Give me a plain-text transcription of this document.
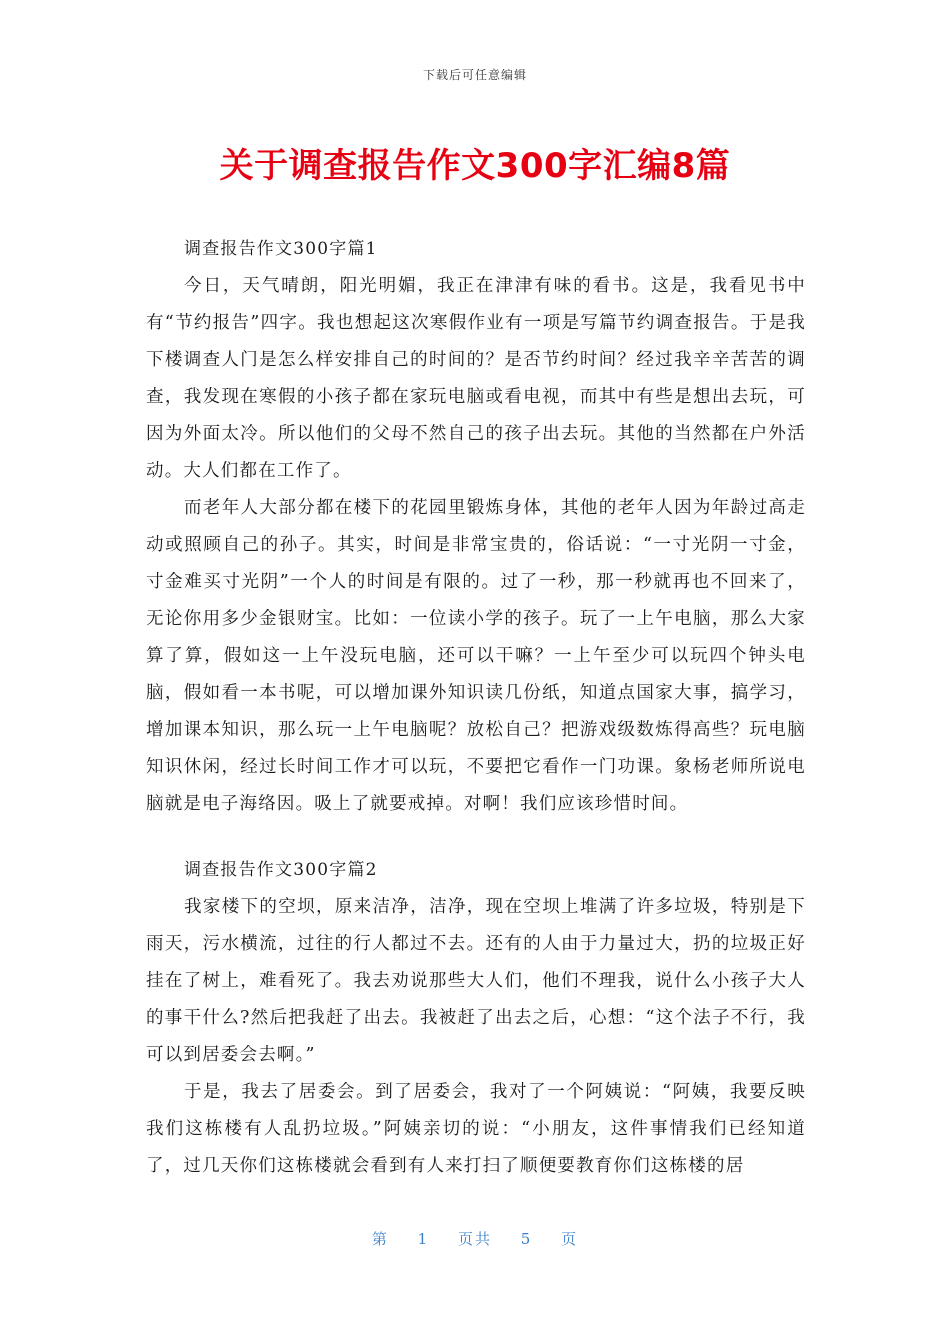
下载后可任意编辑
关于调查报告作文300字汇编8篇

调查报告作文300字篇1

今日，天气晴朗，阳光明媚，我正在津津有味的看书。这是，我看见书中有“节约报告”四字。我也想起这次寒假作业有一项是写篇节约调查报告。于是我下楼调查人门是怎么样安排自己的时间的？是否节约时间？经过我辛辛苦苦的调查，我发现在寒假的小孩子都在家玩电脑或看电视，而其中有些是想出去玩，可因为外面太冷。所以他们的父母不然自己的孩子出去玩。其他的当然都在户外活动。大人们都在工作了。

而老年人大部分都在楼下的花园里锻炼身体，其他的老年人因为年龄过高走动或照顾自己的孙子。其实，时间是非常宝贵的，俗话说：“一寸光阴一寸金，寸金难买寸光阴”一个人的时间是有限的。过了一秒，那一秒就再也不回来了，无论你用多少金银财宝。比如：一位读小学的孩子。玩了一上午电脑，那么大家算了算，假如这一上午没玩电脑，还可以干嘛？一上午至少可以玩四个钟头电脑，假如看一本书呢，可以增加课外知识读几份纸，知道点国家大事，搞学习，增加课本知识，那么玩一上午电脑呢？放松自己？把游戏级数炼得高些？玩电脑知识休闲，经过长时间工作才可以玩，不要把它看作一门功课。象杨老师所说电脑就是电子海络因。吸上了就要戒掉。对啊！我们应该珍惜时间。

调查报告作文300字篇2

我家楼下的空坝，原来洁净，洁净，现在空坝上堆满了许多垃圾，特别是下雨天，污水横流，过往的行人都过不去。还有的人由于力量过大，扔的垃圾正好挂在了树上，难看死了。我去劝说那些大人们，他们不理我，说什么小孩子大人的事干什么?然后把我赶了出去。我被赶了出去之后，心想：“这个法子不行，我可以到居委会去啊。”

于是，我去了居委会。到了居委会，我对了一个阿姨说：“阿姨，我要反映我们这栋楼有人乱扔垃圾。”阿姨亲切的说：“小朋友，这件事情我们已经知道了，过几天你们这栋楼就会看到有人来打扫了顺便要教育你们这栋楼的居

第 1 页共 5 页
